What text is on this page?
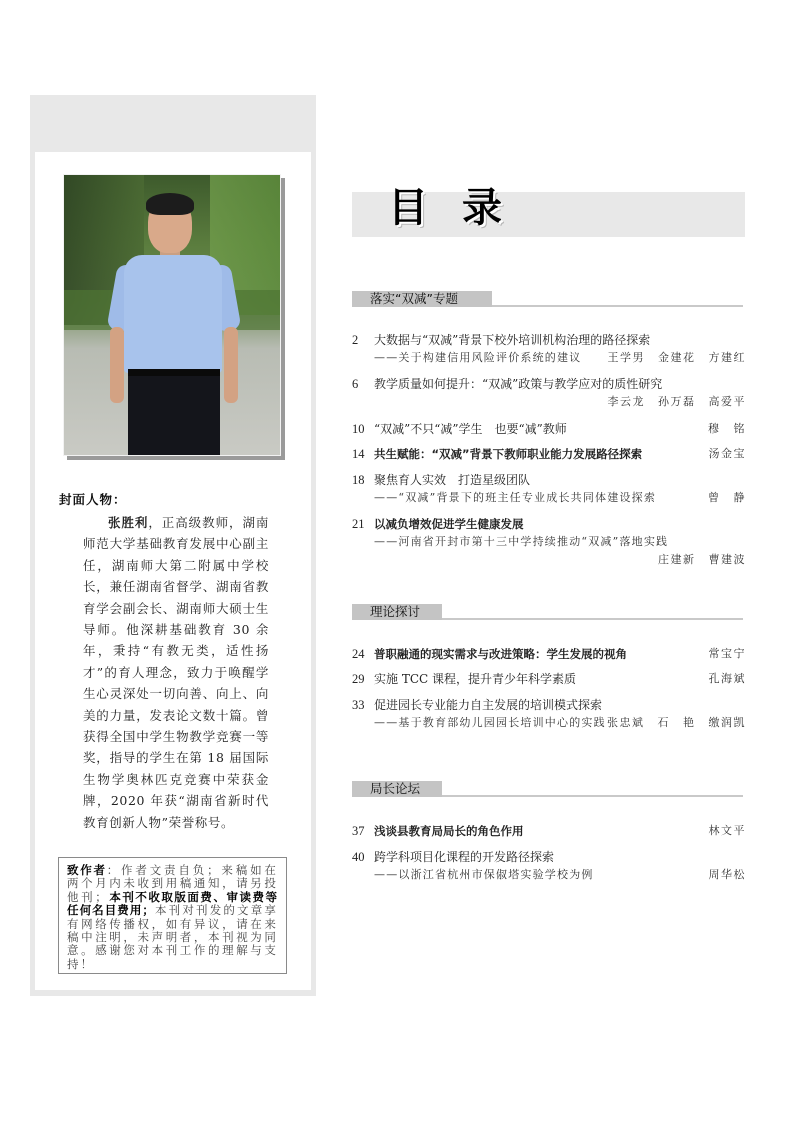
封面人物：
张胜利，正高级教师，湖南师范大学基础教育发展中心副主任，湖南师大第二附属中学校长，兼任湖南省督学、湖南省教育学会副会长、湖南师大硕士生导师。他深耕基础教育 30 余年，秉持“有教无类，适性扬才”的育人理念，致力于唤醒学生心灵深处一切向善、向上、向美的力量，发表论文数十篇。曾获得全国中学生物教学竞赛一等奖，指导的学生在第 18 届国际生物学奥林匹克竞赛中荣获金牌，2020 年获“湖南省新时代教育创新人物”荣誉称号。
致作者：作者文责自负；来稿如在两个月内未收到用稿通知，请另投他刊；本刊不收取版面费、审读费等任何名目费用；本刊对刊发的文章享有网络传播权，如有异议，请在来稿中注明，未声明者，本刊视为同意。感谢您对本刊工作的理解与支持！
目录
落实“双减”专题
2	大数据与“双减”背景下校外培训机构治理的路径探索
——关于构建信用风险评价系统的建议 王学男 金建花 方建红
6	教学质量如何提升：“双减”政策与教学应对的质性研究
李云龙 孙万磊 高爱平
10 “双减”不只“减”学生　也要“减”教师	穆 铭
14 共生赋能：“双减”背景下教师职业能力发展路径探索	汤金宝
18 聚焦育人实效　打造星级团队
——“双减”背景下的班主任专业成长共同体建设探索	曾 静
21 以减负增效促进学生健康发展
——河南省开封市第十三中学持续推动“双减”落地实践
庄建新 曹建波
理论探讨
24 普职融通的现实需求与改进策略：学生发展的视角	常宝宁
29 实施 TCC 课程，提升青少年科学素质	孔海斌
33 促进园长专业能力自主发展的培训模式探索
——基于教育部幼儿园园长培训中心的实践 张忠斌 石 艳 缴润凯
局长论坛
37 浅谈县教育局局长的角色作用	林文平
40 跨学科项目化课程的开发路径探索
——以浙江省杭州市保俶塔实验学校为例	周华松
